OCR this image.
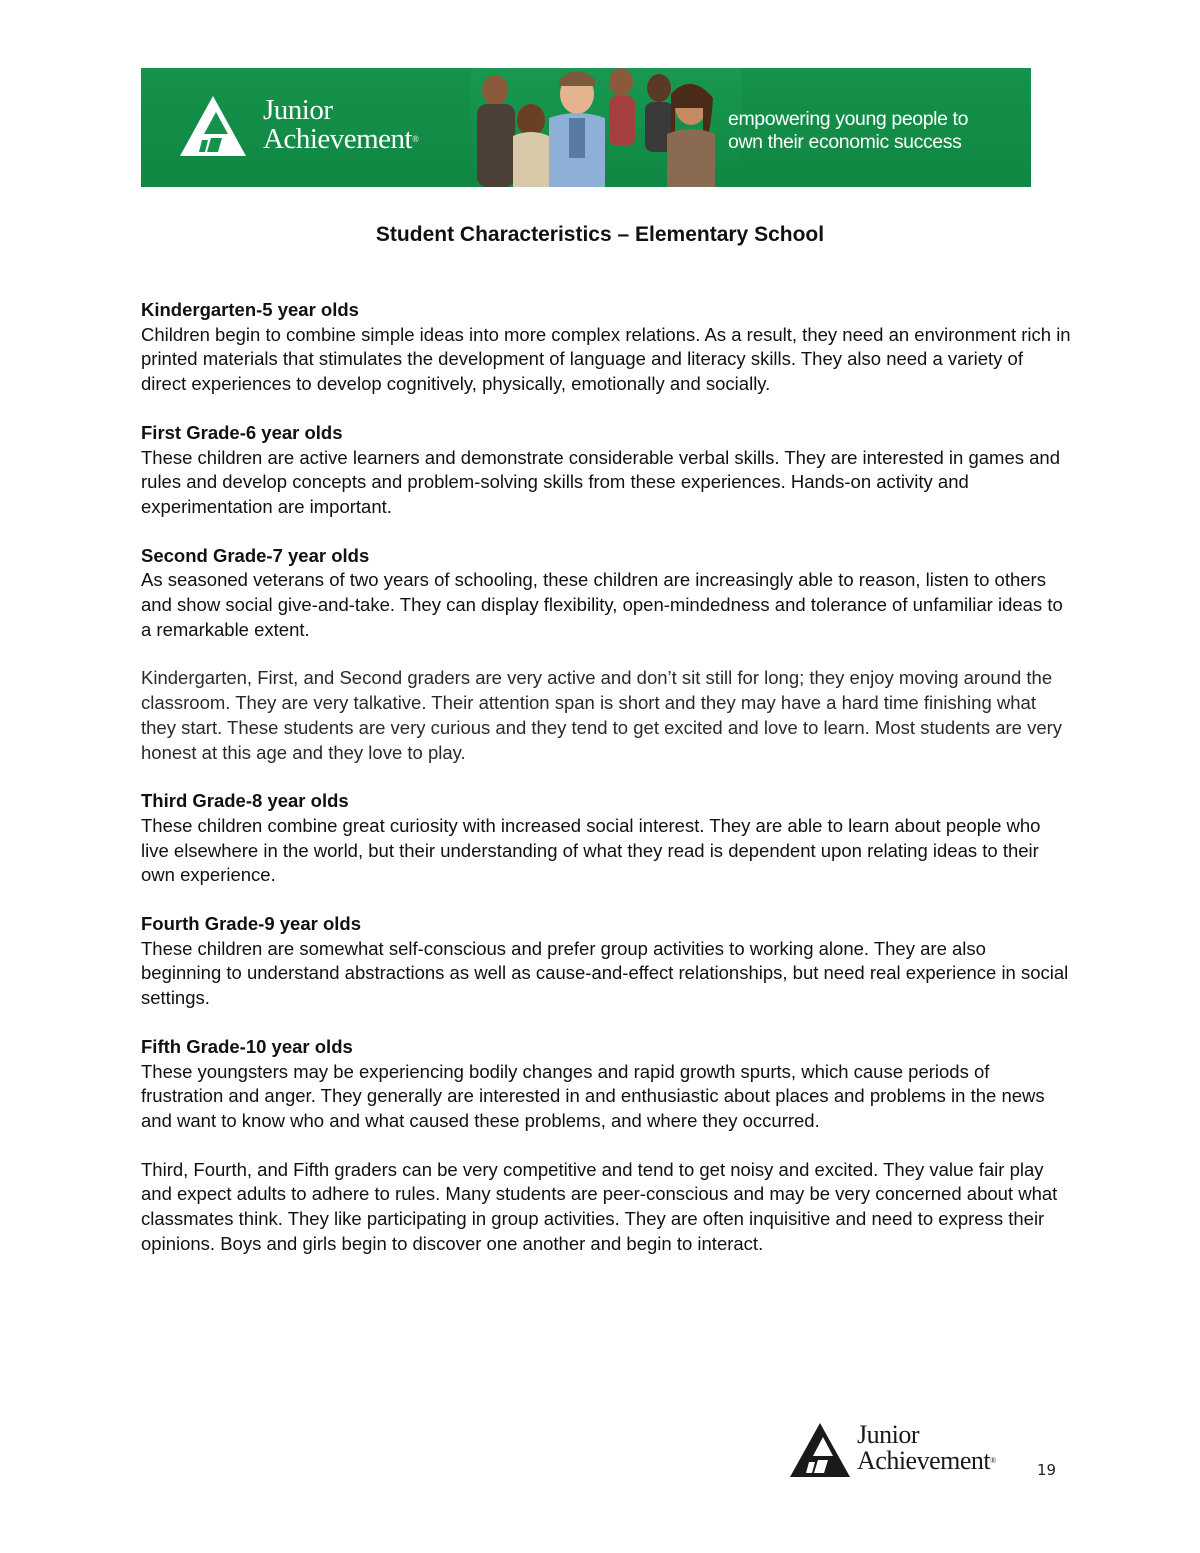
Junior
Achievement®
empowering young people to
own their economic success
Student Characteristics – Elementary School

Kindergarten-5 year olds

Children begin to combine simple ideas into more complex relations. As a result, they need an environment rich in printed materials that stimulates the development of language and literacy skills. They also need a variety of direct experiences to develop cognitively, physically, emotionally and socially.

First Grade-6 year olds

These children are active learners and demonstrate considerable verbal skills. They are interested in games and rules and develop concepts and problem-solving skills from these experiences. Hands-on activity and experimentation are important.

Second Grade-7 year olds

As seasoned veterans of two years of schooling, these children are increasingly able to reason, listen to others and show social give-and-take. They can display flexibility, open-mindedness and tolerance of unfamiliar ideas to a remarkable extent.

Kindergarten, First, and Second graders are very active and don’t sit still for long; they enjoy moving around the classroom. They are very talkative. Their attention span is short and they may have a hard time finishing what they start. These students are very curious and they tend to get excited and love to learn. Most students are very honest at this age and they love to play.

Third Grade-8 year olds

These children combine great curiosity with increased social interest. They are able to learn about people who live elsewhere in the world, but their understanding of what they read is dependent upon relating ideas to their own experience.

Fourth Grade-9 year olds

These children are somewhat self-conscious and prefer group activities to working alone. They are also beginning to understand abstractions as well as cause-and-effect relationships, but need real experience in social settings.

Fifth Grade-10 year olds

These youngsters may be experiencing bodily changes and rapid growth spurts, which cause periods of frustration and anger. They generally are interested in and enthusiastic about places and problems in the news and want to know who and what caused these problems, and where they occurred.

Third, Fourth, and Fifth graders can be very competitive and tend to get noisy and excited. They value fair play and expect adults to adhere to rules. Many students are peer-conscious and may be very concerned about what classmates think. They like participating in group activities. They are often inquisitive and need to express their opinions. Boys and girls begin to discover one another and begin to interact.

Junior
Achievement®
19
